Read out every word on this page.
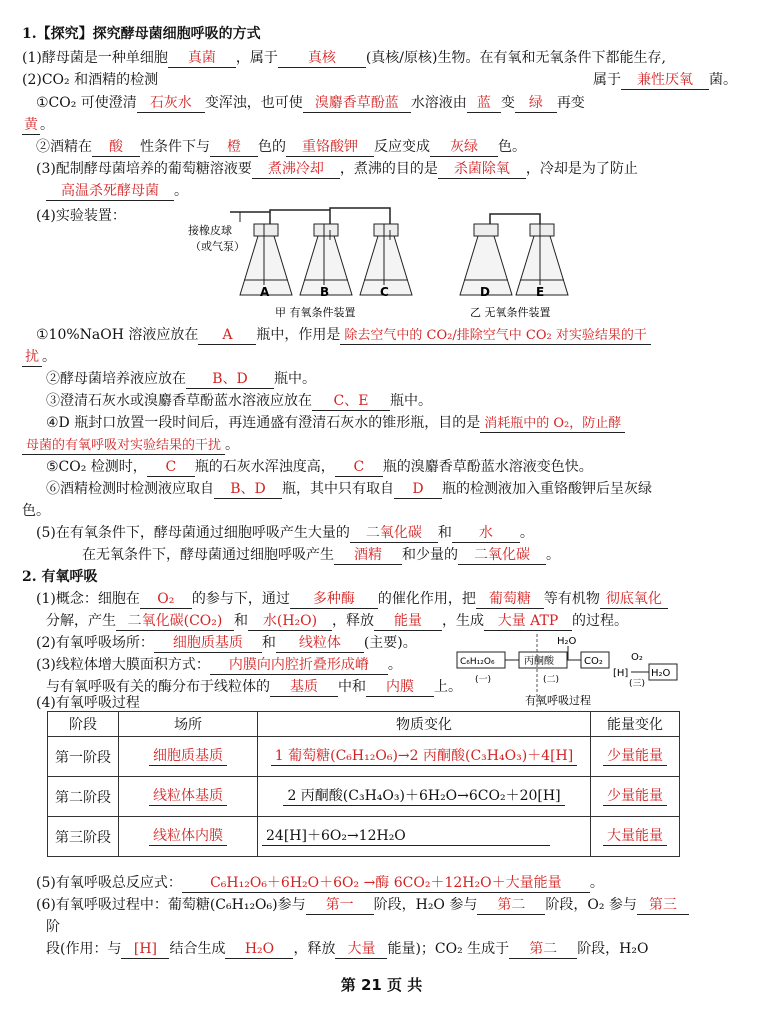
1.【探究】探究酵母菌细胞呼吸的方式
(1)酵母菌是一种单细胞 真菌 ，属于 真核 (真核/原核)生物。在有氧和无氧条件下都能生存,
(2)CO₂ 和酒精的检测	属于 兼性厌氧 菌。
①CO₂ 可使澄清 石灰水 变浑浊，也可使 溴麝香草酚蓝 水溶液由 蓝 变 绿 再变
黄 。
②酒精在 酸 性条件下与 橙 色的 重铬酸钾 反应变成 灰绿 色。
(3)配制酵母菌培养的葡萄糖溶液要 煮沸冷却 ，煮沸的目的是 杀菌除氧 ，冷却是为了防止
高温杀死酵母菌 。
(4)实验装置：
接橡皮球
（或气泵）
A	B	C
甲 有氧条件装置
D	E
乙 无氧条件装置
①10%NaOH 溶液应放在 A 瓶中，作用是 除去空气中的 CO₂/排除空气中 CO₂ 对实验结果的干
扰 。
②酵母菌培养液应放在 B、D 瓶中。
③澄清石灰水或溴麝香草酚蓝水溶液应放在 C、E 瓶中。
④D 瓶封口放置一段时间后，再连通盛有澄清石灰水的锥形瓶，目的是 消耗瓶中的 O₂，防止酵
母菌的有氧呼吸对实验结果的干扰 。
⑤CO₂ 检测时， C 瓶的石灰水浑浊度高， C 瓶的溴麝香草酚蓝水溶液变色快。
⑥酒精检测时检测液应取自 B、D 瓶，其中只有取自 D 瓶的检测液加入重铬酸钾后呈灰绿
色。
(5)在有氧条件下，酵母菌通过细胞呼吸产生大量的 二氧化碳 和 水 。
在无氧条件下，酵母菌通过细胞呼吸产生 酒精 和少量的 二氧化碳 。
2. 有氧呼吸
(1)概念：细胞在 O₂ 的参与下，通过 多种酶 的催化作用，把 葡萄糖 等有机物 彻底氧化
分解，产生 二氧化碳(CO₂) 和 水(H₂O) ，释放 能量 ，生成 大量 ATP 的过程。
(2)有氧呼吸场所： 细胞质基质 和 线粒体 (主要)。
(3)线粒体增大膜面积方式： 内膜向内腔折叠形成嵴 。
与有氧呼吸有关的酶分布于线粒体的 基质 中和 内膜 上。
C₆H₁₂O₆	丙酮酸	CO₂
H₂O
(一)	(二)
[H]
O₂
(三)
H₂O
有氧呼吸过程
(4)有氧呼吸过程
阶段	场所	物质变化	能量变化
第一阶段	细胞质基质	1 葡萄糖(C₆H₁₂O₆)→2 丙酮酸(C₃H₄O₃)＋4[H]	少量能量
第二阶段	线粒体基质	2 丙酮酸(C₃H₄O₃)＋6H₂O→6CO₂＋20[H]	少量能量
第三阶段	线粒体内膜	24[H]＋6O₂→12H₂O	大量能量
(5)有氧呼吸总反应式： C₆H₁₂O₆＋6H₂O＋6O₂ →酶 6CO₂＋12H₂O＋大量能量 。
(6)有氧呼吸过程中：葡萄糖(C₆H₁₂O₆)参与 第一 阶段，H₂O 参与 第二 阶段，O₂ 参与 第三
阶
段(作用：与 [H] 结合生成 H₂O ，释放 大量 能量)；CO₂ 生成于 第二 阶段，H₂O
第 21 页 共
